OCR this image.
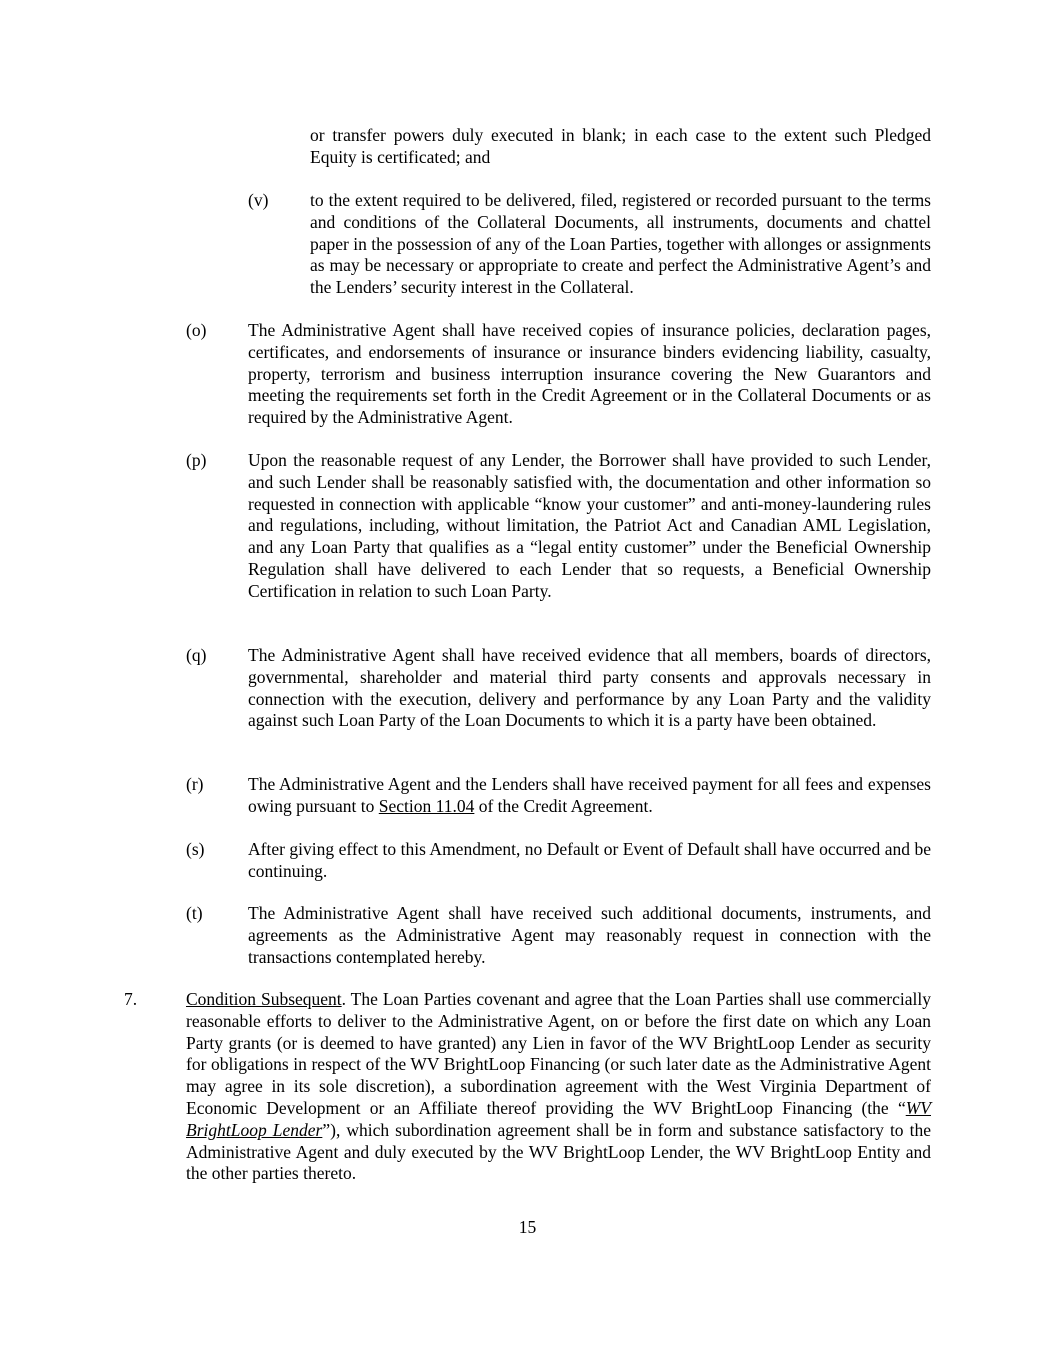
or transfer powers duly executed in blank; in each case to the extent such Pledged Equity is certificated; and
(v) to the extent required to be delivered, filed, registered or recorded pursuant to the terms and conditions of the Collateral Documents, all instruments, documents and chattel paper in the possession of any of the Loan Parties, together with allonges or assignments as may be necessary or appropriate to create and perfect the Administrative Agent’s and the Lenders’ security interest in the Collateral.
(o) The Administrative Agent shall have received copies of insurance policies, declaration pages, certificates, and endorsements of insurance or insurance binders evidencing liability, casualty, property, terrorism and business interruption insurance covering the New Guarantors and meeting the requirements set forth in the Credit Agreement or in the Collateral Documents or as required by the Administrative Agent.
(p) Upon the reasonable request of any Lender, the Borrower shall have provided to such Lender, and such Lender shall be reasonably satisfied with, the documentation and other information so requested in connection with applicable “know your customer” and anti-money-laundering rules and regulations, including, without limitation, the Patriot Act and Canadian AML Legislation, and any Loan Party that qualifies as a “legal entity customer” under the Beneficial Ownership Regulation shall have delivered to each Lender that so requests, a Beneficial Ownership Certification in relation to such Loan Party.
(q) The Administrative Agent shall have received evidence that all members, boards of directors, governmental, shareholder and material third party consents and approvals necessary in connection with the execution, delivery and performance by any Loan Party and the validity against such Loan Party of the Loan Documents to which it is a party have been obtained.
(r)	The Administrative Agent and the Lenders shall have received payment for all fees and expenses owing pursuant to Section 11.04 of the Credit Agreement.
(s) After giving effect to this Amendment, no Default or Event of Default shall have occurred and be continuing.
(t)	The Administrative Agent shall have received such additional documents, instruments, and agreements as the Administrative Agent may reasonably request in connection with the transactions contemplated hereby.
7.	Condition Subsequent. The Loan Parties covenant and agree that the Loan Parties shall use commercially reasonable efforts to deliver to the Administrative Agent, on or before the first date on which any Loan Party grants (or is deemed to have granted) any Lien in favor of the WV BrightLoop Lender as security for obligations in respect of the WV BrightLoop Financing (or such later date as the Administrative Agent may agree in its sole discretion), a subordination agreement with the West Virginia Department of Economic Development or an Affiliate thereof providing the WV BrightLoop Financing (the “WV BrightLoop Lender”), which subordination agreement shall be in form and substance satisfactory to the Administrative Agent and duly executed by the WV BrightLoop Lender, the WV BrightLoop Entity and the other parties thereto.
15
